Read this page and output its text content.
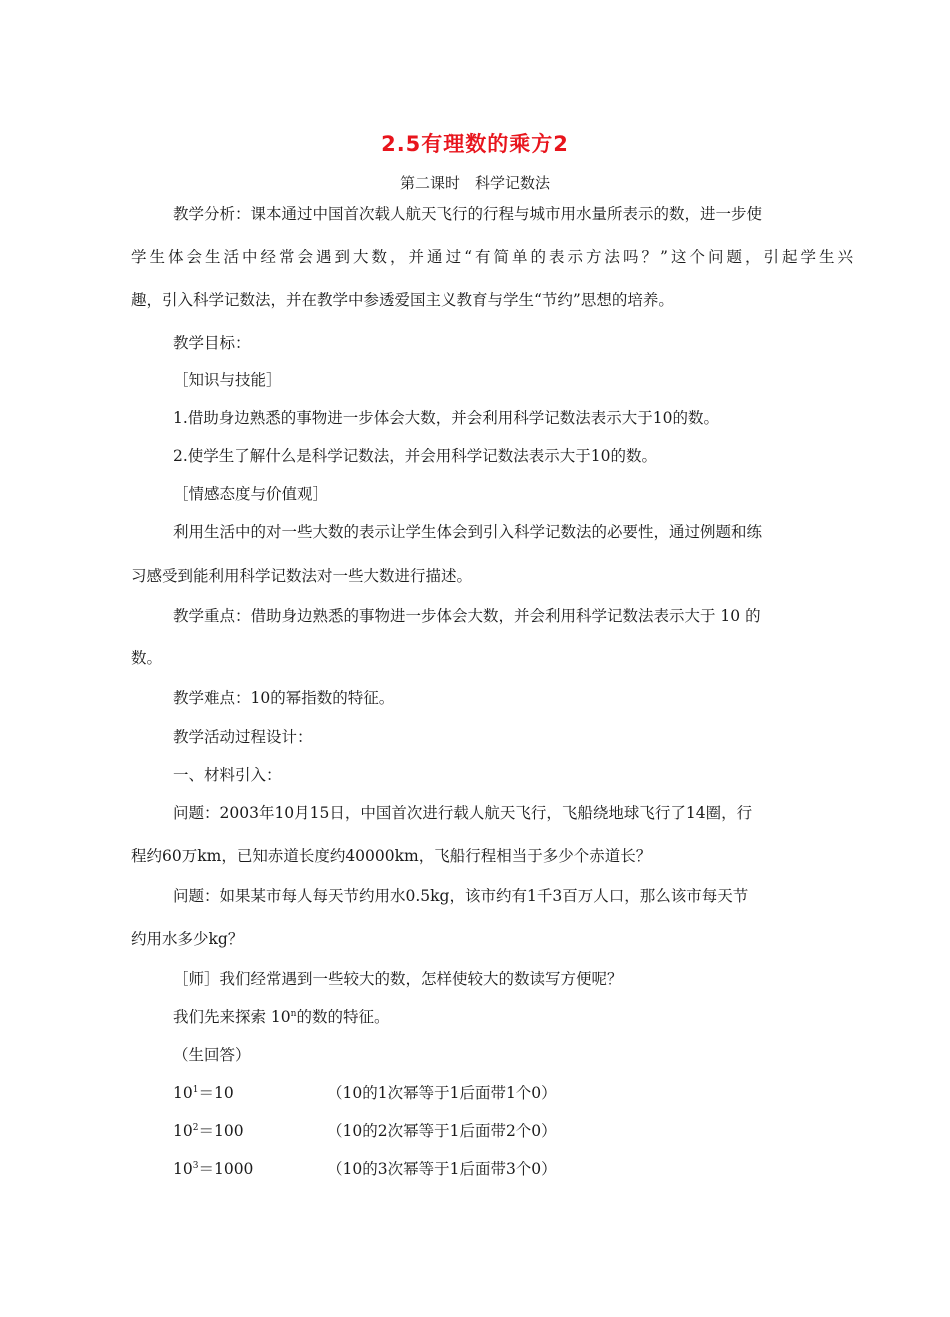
2.5有理数的乘方2
第二课时　科学记数法
教学分析：课本通过中国首次载人航天飞行的行程与城市用水量所表示的数，进一步使
学生体会生活中经常会遇到大数，并通过“有简单的表示方法吗？”这个问题，引起学生兴
趣，引入科学记数法，并在教学中参透爱国主义教育与学生“节约”思想的培养。
教学目标：
［知识与技能］
1.借助身边熟悉的事物进一步体会大数，并会利用科学记数法表示大于10的数。
2.使学生了解什么是科学记数法，并会用科学记数法表示大于10的数。
［情感态度与价值观］
利用生活中的对一些大数的表示让学生体会到引入科学记数法的必要性，通过例题和练
习感受到能利用科学记数法对一些大数进行描述。
教学重点：借助身边熟悉的事物进一步体会大数，并会利用科学记数法表示大于 10 的
数。
教学难点：10的幂指数的特征。
教学活动过程设计：
一、材料引入：
问题：2003年10月15日，中国首次进行载人航天飞行，飞船绕地球飞行了14圈，行
程约60万km，已知赤道长度约40000km，飞船行程相当于多少个赤道长？
问题：如果某市每人每天节约用水0.5kg，该市约有1千3百万人口，那么该市每天节
约用水多少kg？
［师］我们经常遇到一些较大的数，怎样使较大的数读写方便呢？
我们先来探索 10$^n$的数的特征。
（生回答）
$10^1=10$	（10的1次幂等于1后面带1个0）
$10^2=100$	（10的2次幂等于1后面带2个0）
$10^3=1000$	（10的3次幂等于1后面带3个0）
